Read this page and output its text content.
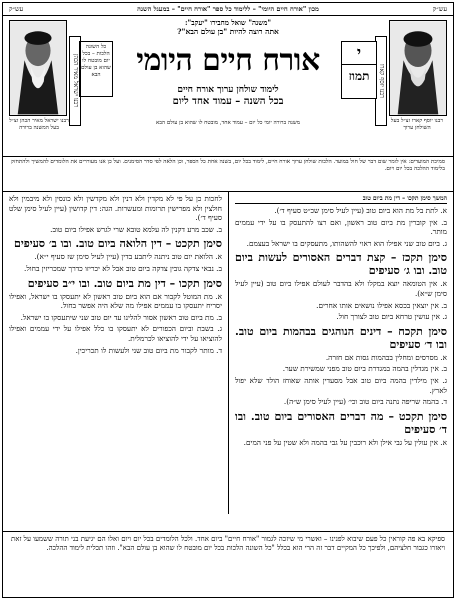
עש״ק
מכון "אורח חיים היומי" – ללימוד כל ספר "אורח חיים" – במעגל השנה
עש״ק
רבנו יוסף קארו
רבנו יוסף קארו זצ״ל בעל השולחן ערוך
רבנו ישראל מאיר הכהן
רבנו ישראל מאיר הכהן זצ״ל בעל המשנה ברורה
"משנה" שואל מחבירו "יעקב":
אתה רוצה להיות "בן עולם הבא"?
י
תמוז
אורח חיים היומי
כל השונה הלכות – בכל יום מובטח לו שהוא בן עולם הבא
לימוד שולחן ערוך אורח חיים
בכל השנה – עמוד אחד ליום
משנה ברורה יומי כל יום – עמוד אחד, מובטח לו שהוא בן עולם הבא
סמיכת המועדים: אין לומר שום דבר של חול במועד. הלכות שולחן ערוך אורח חיים, לימוד בכל יום, בשנה אחת כל הספר, וכן הלאה לפי סדר הסימנים. ועל כן אנו מעוררים את הלומדים להמשיך ולהתחזק בלימוד ההלכה בכל יום ויום.
המשך סימן תקכו – דין מת ביום טוב
א. לתת בל מת הוא ביום טוב (עיין לעיל סימן שכ״ט סעיף ד׳).
ב. אין קוברין מת ביום טוב ראשון, ואם רצו להתעסק בו על ידי עממים מותר.
ג. ביום טוב שני אפילו הוא ראוי להשהותו, מתעסקים בו ישראל בעצמם.
סימן תקכז – קצת דברים האסורים לעשות ביום טוב. ובו ג׳ סעיפים
א. אין הטומאה יוצא במקלו ולא בהדבר לעולם אפילו ביום טוב (עיין לעיל סימן ש״א).
ב. אין יוצאין בכסא אפילו נושאים אותו אחרים.
ג. אין עושין טרחא ביום טוב לצורך חול.
סימן תקכח – דינים הנוהגים בבהמות ביום טוב. ובו ד׳ סעיפים
א. מסרסים ומחלין בבהמות גסות אם חזרה.
ב. אין מגדלין בהמה במגדרת ביום טוב מפני שמשירת שער.
ג. אין מילדין בהמה ביום טוב אבל מסעדין אותה שאוחז הולד שלא יפול לארץ.
ד. בהמה שריפה נתנה ביום טוב וכי׳ (עיין לעיל סימן ש״ה).
סימן תקכט – מה דברים האסורים ביום טוב. ובו ד׳ סעיפים
א. אין עולין על גבי אילן ולא רוכבין על גבי בהמה ולא שטין על פני המים.
לחכות כן על פי לא מקדין ולא דנין ולא מקדשין ולא כונסין ולא מיבמין ולא חולצין ולא מפרישין תרומות ומעשרות. הגה: דין קדושין (עיין לעיל סימן שלט סעיף ד׳).
ב. שכב מרע דקנין לה עלמא טובא שרי לגרש אפילו ביום טוב.
סימן תקכט – דין הלואה ביום טוב. ובו ב׳ סעיפים
א. הלואת יום טוב ניתנה ליתבע בדין (עיין לעיל סימן שז סעיף י״א).
ב. נבאי צדקה גובין צדקה ביום טוב אבל לא יכריזו כדרך שמכריזין בחול.
סימן תקכו – דין מת ביום טוב. ובו י״ב סעיפים
א. מת המוטל לקבור אם הוא ביום טוב ראשון לא יתעסקו בו ישראל, ואפילו יסריח יתעסקו בו עממים אפילו מה שלא היה אפשר בחול.
ב. מת ביום טוב ראשון אסור להלינו עד יום טוב שני שיתעסקו בו ישראל.
ג. בשבת וביום הכפורים לא יתעסקו בו כלל אפילו על ידי עממים ואפילו להוציאו על ידי להוציאו לכרמלית.
ד. מותר לקבור מת ביום טוב שני ולעשות לו תכריכין.
ספיקא בא פה קוראין כל פעם שיבוא לפנינו – ואשרי מי שיזכה לגמור "אורח חיים" ביום אחד. ולכל הלומדים בכל יום ויום ואלו הם יגיעת בני תורה ששמעו על זאת ויאזרו כגבור חלציהם, ולפיכך כל המקיים דבר זה הרי הוא בכלל "כל השונה הלכות בכל יום מובטח לו שהוא בן עולם הבא". וזהו תכלית לימוד ההלכה.
